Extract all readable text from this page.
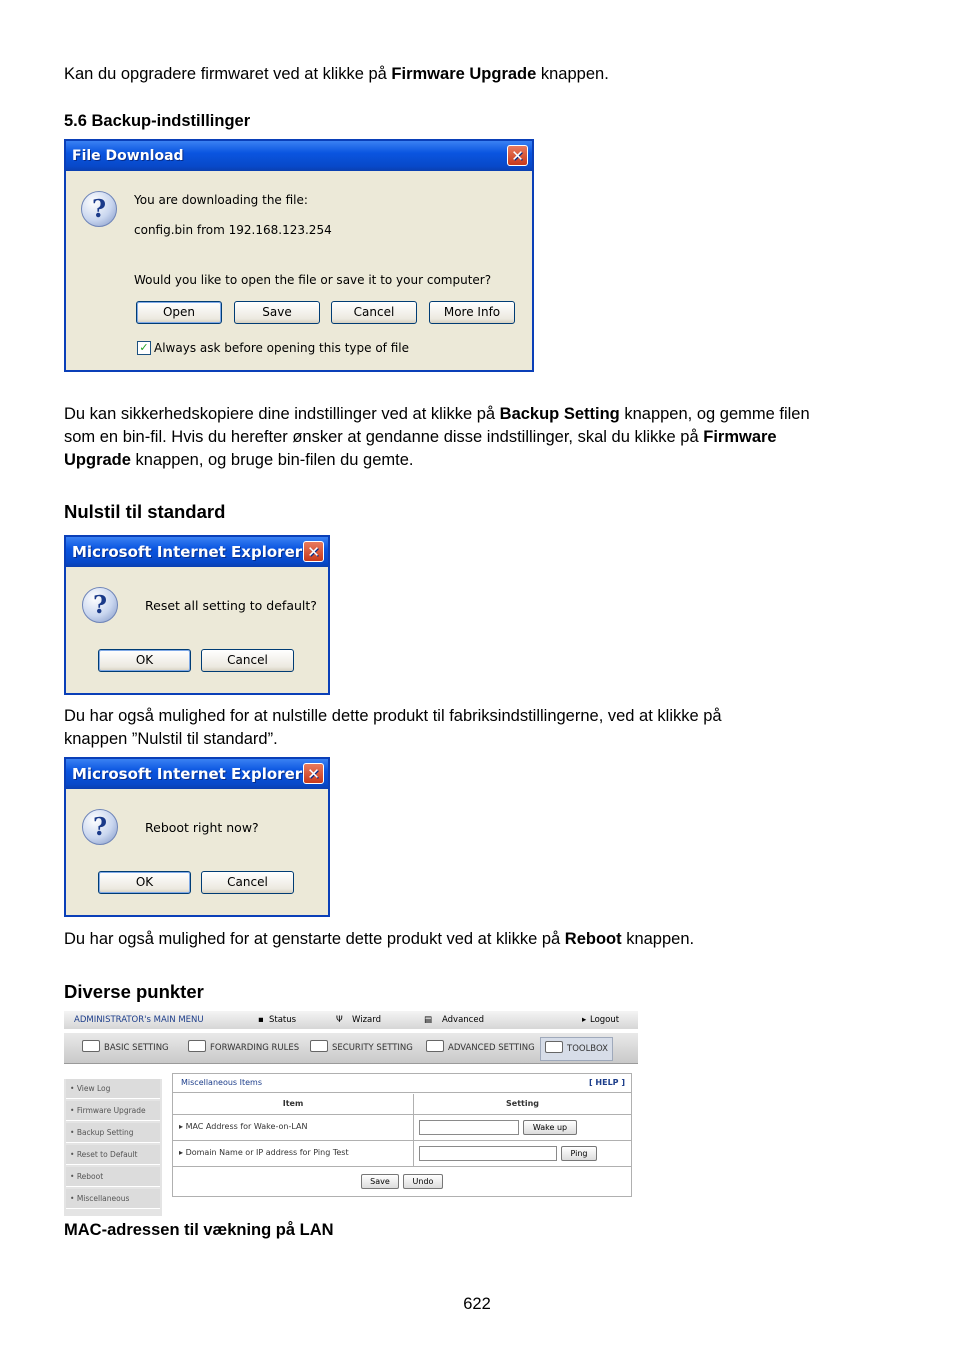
Kan du opgradere firmwaret ved at klikke på Firmware Upgrade knappen.
5.6 Backup-indstillinger
File Download	✕
?	You are downloading the file:
config.bin from 192.168.123.254
Would you like to open the file or save it to your computer?
Open	Save	Cancel	More Info
✓ Always ask before opening this type of file
Du kan sikkerhedskopiere dine indstillinger ved at klikke på Backup Setting knappen, og gemme filen
som en bin-fil. Hvis du herefter ønsker at gendanne disse indstillinger, skal du klikke på Firmware
Upgrade knappen, og bruge bin-filen du gemte.
Nulstil til standard
Microsoft Internet Explorer ✕
?	Reset all setting to default?
OK	Cancel
Du har også mulighed for at nulstille dette produkt til fabriksindstillingerne, ved at klikke på
knappen ”Nulstil til standard”.
Microsoft Internet Explorer ✕
?	Reboot right now?
OK	Cancel
Du har også mulighed for at genstarte dette produkt ved at klikke på Reboot knappen.
Diverse punkter
ADMINISTRATOR's MAIN MENU	▪ Status	Ψ Wizard	▤ Advanced	▸ Logout
BASIC SETTING	FORWARDING RULES	SECURITY SETTING	ADVANCED SETTING	TOOLBOX
• View Log
• Firmware Upgrade
• Backup Setting
• Reset to Default
• Reboot
• Miscellaneous
Miscellaneous Items	[ HELP ]
Item	Setting
▸ MAC Address for Wake-on-LAN	Wake up
▸ Domain Name or IP address for Ping Test	Ping
Save	Undo
MAC-adressen til vækning på LAN
622
